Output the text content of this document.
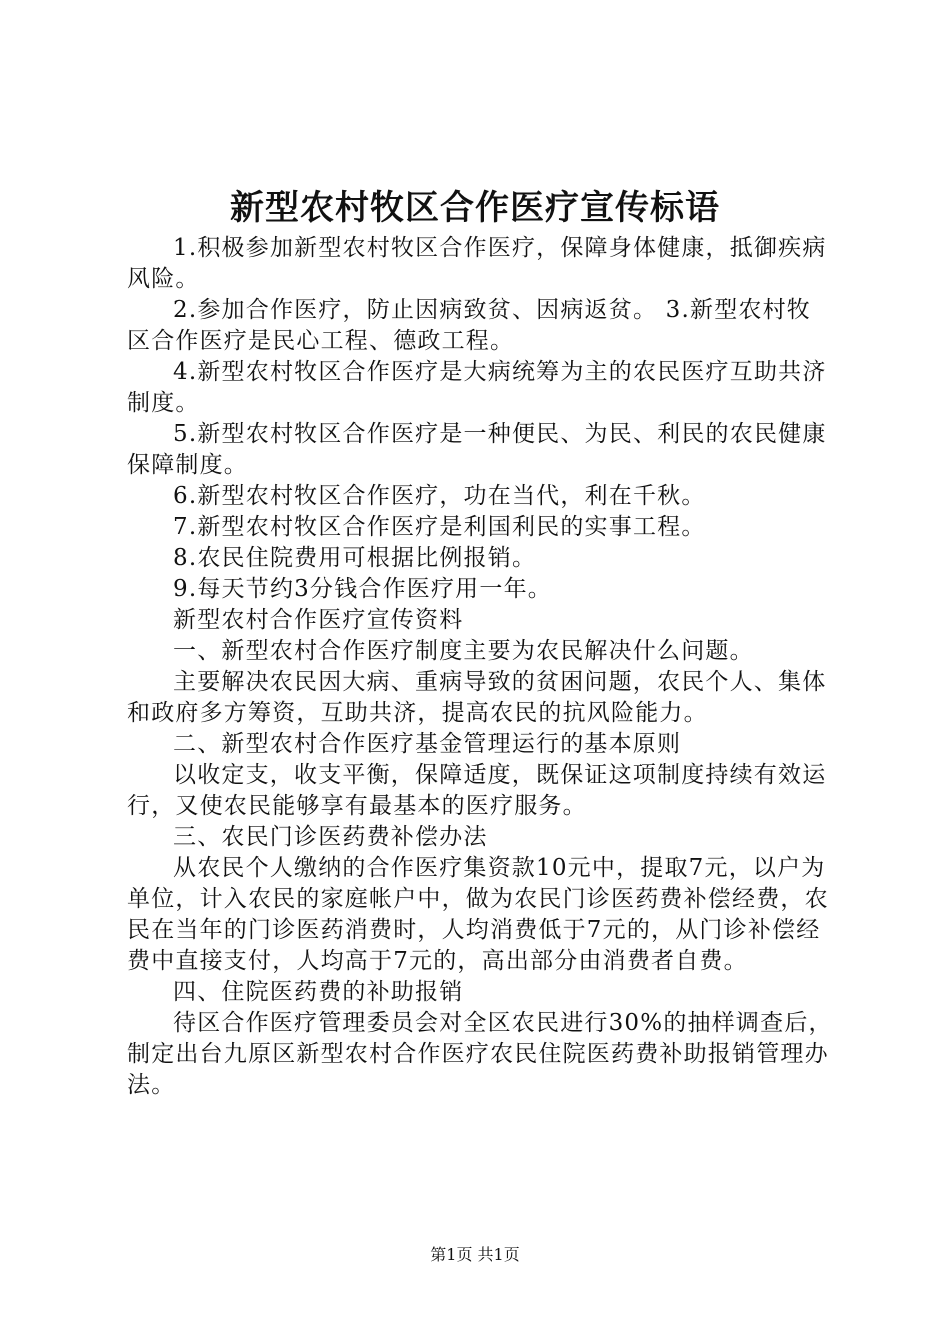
新型农村牧区合作医疗宣传标语

1.积极参加新型农村牧区合作医疗，保障身体健康，抵御疾病风险。

2.参加合作医疗，防止因病致贫、因病返贫。 3.新型农村牧区合作医疗是民心工程、德政工程。

4.新型农村牧区合作医疗是大病统筹为主的农民医疗互助共济制度。

5.新型农村牧区合作医疗是一种便民、为民、利民的农民健康保障制度。

6.新型农村牧区合作医疗，功在当代，利在千秋。

7.新型农村牧区合作医疗是利国利民的实事工程。

8.农民住院费用可根据比例报销。

9.每天节约3分钱合作医疗用一年。

新型农村合作医疗宣传资料

一、新型农村合作医疗制度主要为农民解决什么问题。

主要解决农民因大病、重病导致的贫困问题，农民个人、集体和政府多方筹资，互助共济，提高农民的抗风险能力。

二、新型农村合作医疗基金管理运行的基本原则

以收定支，收支平衡，保障适度，既保证这项制度持续有效运行，又使农民能够享有最基本的医疗服务。

三、农民门诊医药费补偿办法

从农民个人缴纳的合作医疗集资款10元中，提取7元，以户为单位，计入农民的家庭帐户中，做为农民门诊医药费补偿经费，农民在当年的门诊医药消费时，人均消费低于7元的，从门诊补偿经费中直接支付，人均高于7元的，高出部分由消费者自费。

四、住院医药费的补助报销

待区合作医疗管理委员会对全区农民进行30%的抽样调查后，制定出台九原区新型农村合作医疗农民住院医药费补助报销管理办法。

第1页 共1页
